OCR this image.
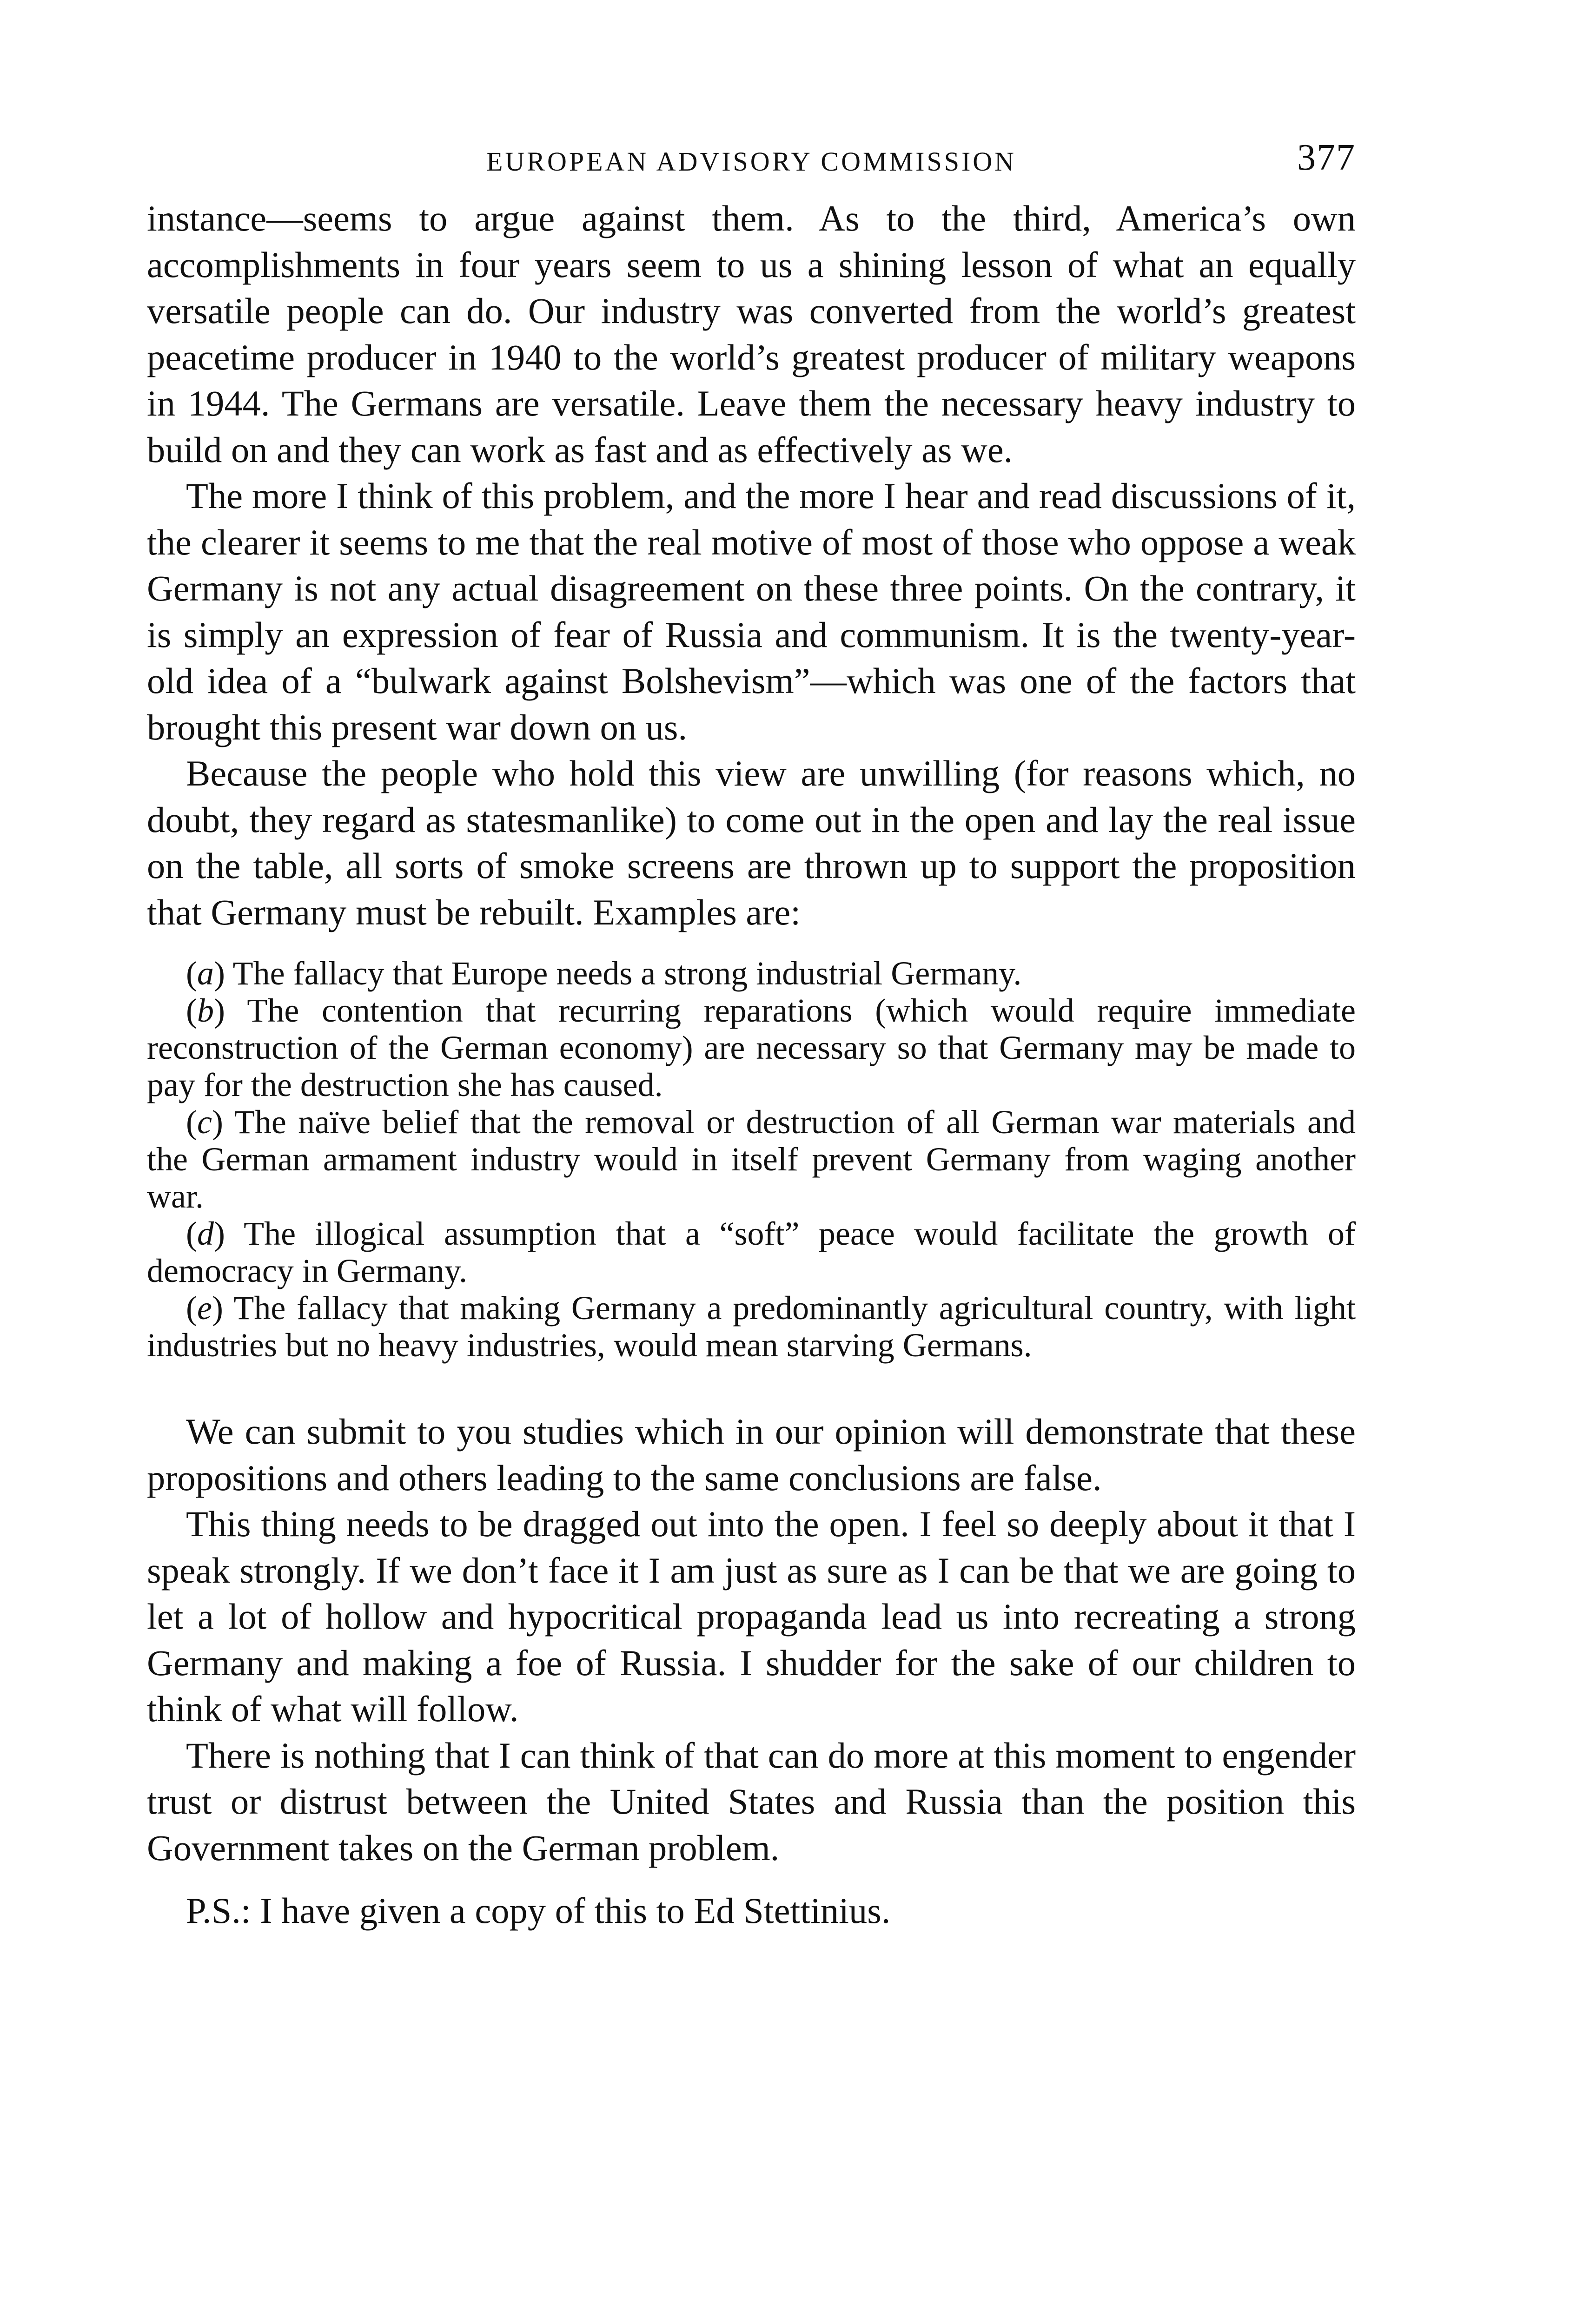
EUROPEAN ADVISORY COMMISSION	377

instance—seems to argue against them. As to the third, America’s own accomplishments in four years seem to us a shining lesson of what an equally versatile people can do. Our industry was converted from the world’s greatest peacetime producer in 1940 to the world’s greatest producer of military weapons in 1944. The Germans are versatile. Leave them the necessary heavy industry to build on and they can work as fast and as effectively as we.

The more I think of this problem, and the more I hear and read discussions of it, the clearer it seems to me that the real motive of most of those who oppose a weak Germany is not any actual disagreement on these three points. On the contrary, it is simply an expression of fear of Russia and communism. It is the twenty-year-old idea of a “bulwark against Bolshevism”—which was one of the factors that brought this present war down on us.

Because the people who hold this view are unwilling (for reasons which, no doubt, they regard as statesmanlike) to come out in the open and lay the real issue on the table, all sorts of smoke screens are thrown up to support the proposition that Germany must be rebuilt. Examples are:

(a) The fallacy that Europe needs a strong industrial Germany.

(b) The contention that recurring reparations (which would require immediate reconstruction of the German economy) are necessary so that Germany may be made to pay for the destruction she has caused.

(c) The naïve belief that the removal or destruction of all German war materials and the German armament industry would in itself prevent Germany from waging another war.

(d) The illogical assumption that a “soft” peace would facilitate the growth of democracy in Germany.

(e) The fallacy that making Germany a predominantly agricultural country, with light industries but no heavy industries, would mean starving Germans.

We can submit to you studies which in our opinion will demonstrate that these propositions and others leading to the same conclusions are false.

This thing needs to be dragged out into the open. I feel so deeply about it that I speak strongly. If we don’t face it I am just as sure as I can be that we are going to let a lot of hollow and hypocritical propaganda lead us into recreating a strong Germany and making a foe of Russia. I shudder for the sake of our children to think of what will follow.

There is nothing that I can think of that can do more at this moment to engender trust or distrust between the United States and Russia than the position this Government takes on the German problem.

P.S.: I have given a copy of this to Ed Stettinius.
